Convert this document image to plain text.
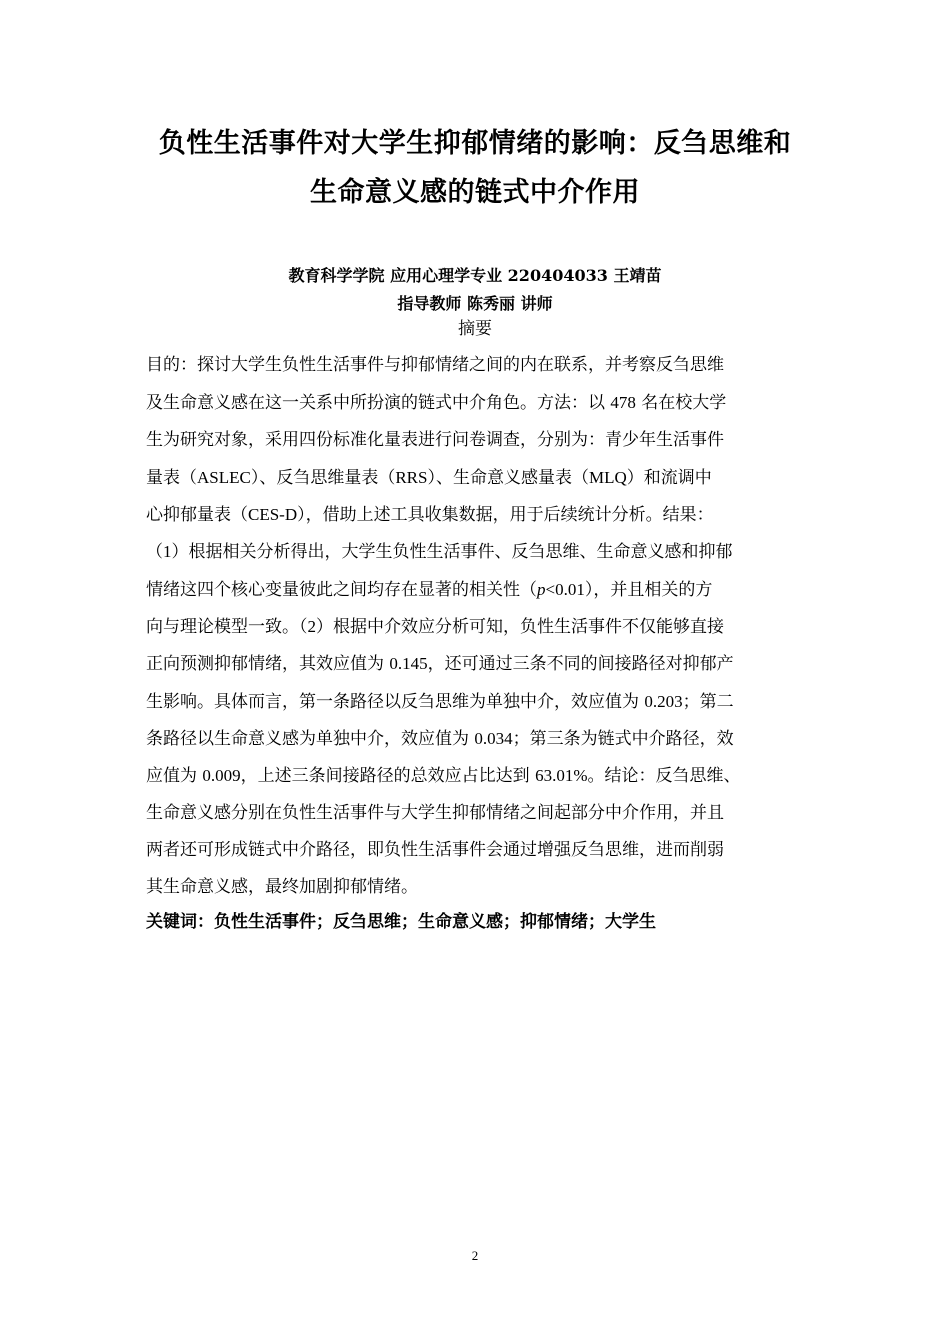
负性生活事件对大学生抑郁情绪的影响：反刍思维和
生命意义感的链式中介作用
教育科学学院 应用心理学专业 220404033 王靖苗
指导教师 陈秀丽 讲师
摘要
目的：探讨大学生负性生活事件与抑郁情绪之间的内在联系，并考察反刍思维
及生命意义感在这一关系中所扮演的链式中介角色。方法：以 478 名在校大学
生为研究对象，采用四份标准化量表进行问卷调查，分别为：青少年生活事件
量表（ASLEC）、反刍思维量表（RRS）、生命意义感量表（MLQ）和流调中
心抑郁量表（CES-D），借助上述工具收集数据，用于后续统计分析。结果：
（1）根据相关分析得出，大学生负性生活事件、反刍思维、生命意义感和抑郁
情绪这四个核心变量彼此之间均存在显著的相关性（p<0.01），并且相关的方
向与理论模型一致。（2）根据中介效应分析可知，负性生活事件不仅能够直接
正向预测抑郁情绪，其效应值为 0.145，还可通过三条不同的间接路径对抑郁产
生影响。具体而言，第一条路径以反刍思维为单独中介，效应值为 0.203；第二
条路径以生命意义感为单独中介，效应值为 0.034；第三条为链式中介路径，效
应值为 0.009，上述三条间接路径的总效应占比达到 63.01%。结论：反刍思维、
生命意义感分别在负性生活事件与大学生抑郁情绪之间起部分中介作用，并且
两者还可形成链式中介路径，即负性生活事件会通过增强反刍思维，进而削弱
其生命意义感，最终加剧抑郁情绪。
关键词：负性生活事件；反刍思维；生命意义感；抑郁情绪；大学生
2
